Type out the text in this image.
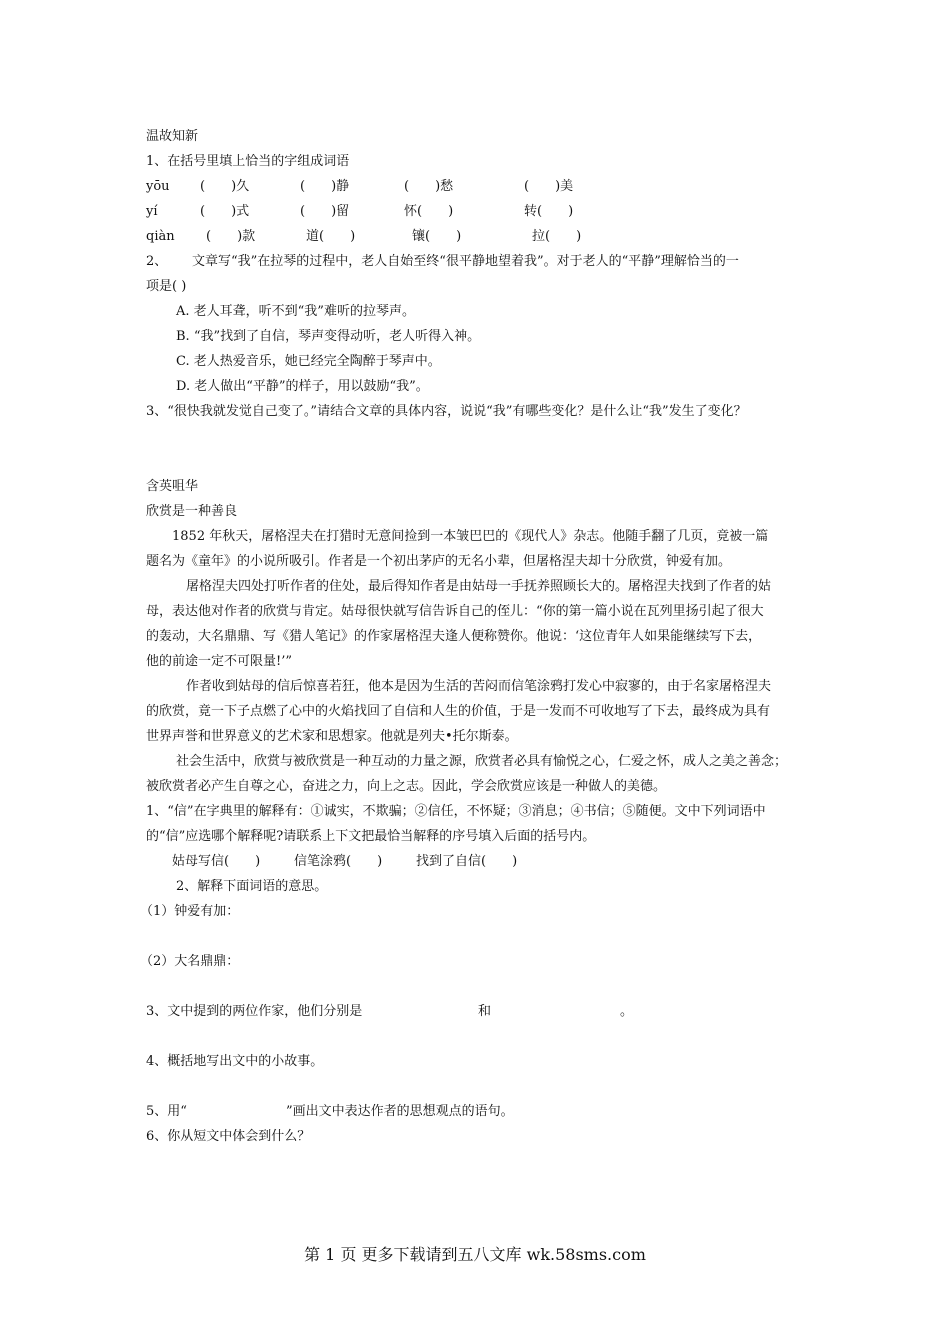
温故知新
1、在括号里填上恰当的字组成词语
yōu (　　)久	(　　)静	(　　)愁	(　　)美
yí	(　　)式	(　　)留	怀(　　)	转(　　)
qiàn (　　)款	道(　　)	镶(　　)	拉(　　)
2、 文章写“我”在拉琴的过程中，老人自始至终“很平静地望着我”。对于老人的“平静”理解恰当的一
项是( )
A. 老人耳聋，听不到“我”难听的拉琴声。
B. “我”找到了自信，琴声变得动听，老人听得入神。
C. 老人热爱音乐，她已经完全陶醉于琴声中。
D. 老人做出“平静”的样子，用以鼓励“我”。
3、“很快我就发觉自己变了。”请结合文章的具体内容，说说“我”有哪些变化？是什么让“我”发生了变化？
含英咀华
欣赏是一种善良
1852 年秋天，屠格涅夫在打猎时无意间捡到一本皱巴巴的《现代人》杂志。他随手翻了几页，竟被一篇
题名为《童年》的小说所吸引。作者是一个初出茅庐的无名小辈，但屠格涅夫却十分欣赏，钟爱有加。
屠格涅夫四处打听作者的住处，最后得知作者是由姑母一手抚养照顾长大的。屠格涅夫找到了作者的姑
母，表达他对作者的欣赏与肯定。姑母很快就写信告诉自己的侄儿：“你的第一篇小说在瓦列里扬引起了很大
的轰动，大名鼎鼎、写《猎人笔记》的作家屠格涅夫逢人便称赞你。他说：‘这位青年人如果能继续写下去，
他的前途一定不可限量!’”
作者收到姑母的信后惊喜若狂，他本是因为生活的苦闷而信笔涂鸦打发心中寂寥的，由于名家屠格涅夫
的欣赏，竟一下子点燃了心中的火焰找回了自信和人生的价值，于是一发而不可收地写了下去，最终成为具有
世界声誉和世界意义的艺术家和思想家。他就是列夫•托尔斯泰。
社会生活中，欣赏与被欣赏是一种互动的力量之源，欣赏者必具有愉悦之心，仁爱之怀，成人之美之善念；
被欣赏者必产生自尊之心，奋进之力，向上之志。因此，学会欣赏应该是一种做人的美德。
1、“信”在字典里的解释有：①诚实，不欺骗；②信任，不怀疑；③消息；④书信；⑤随便。文中下列词语中
的“信”应选哪个解释呢?请联系上下文把最恰当解释的序号填入后面的括号内。
姑母写信(　　)	信笔涂鸦(　　)	找到了自信(　　)
2、解释下面词语的意思。
（1）钟爱有加：
（2）大名鼎鼎：
3、文中提到的两位作家，他们分别是	和	。
4、概括地写出文中的小故事。
5、用“	”画出文中表达作者的思想观点的语句。
6、你从短文中体会到什么？
第 1 页 更多下载请到五八文库 wk.58sms.com
